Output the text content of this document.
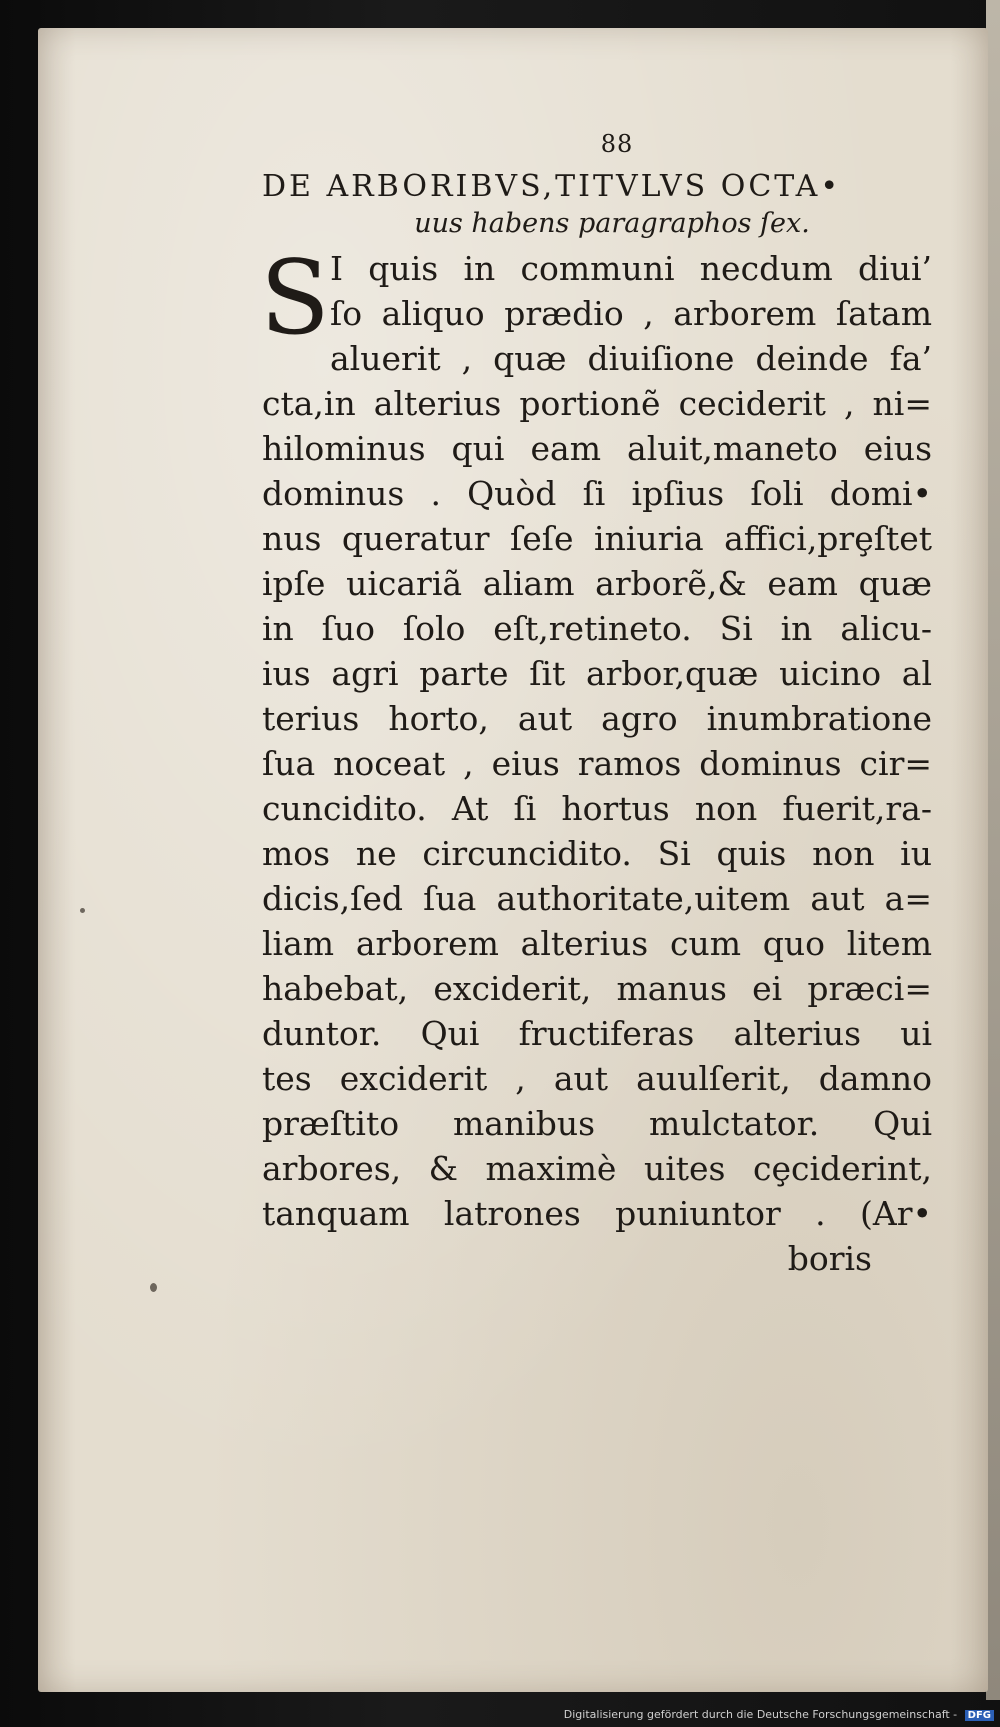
88
DE ARBORIBVS,TITVLVS OCTA•
uus habens paragraphos ſex.
S I quis in communi necdum diui’
ſo aliquo prædio , arborem ſatam
aluerit , quæ diuiſione deinde fa’
cta,in alterius portionẽ ceciderit , ni=
hilominus qui eam aluit,maneto eius
dominus . Quòd ſi ipſius ſoli domi•
nus queratur ſeſe iniuria affici,prȩſtet
ipſe uicariã aliam arborẽ,& eam quæ
in ſuo ſolo eſt,retineto. Si in alicu-
ius agri parte ſit arbor,quæ uicino al
terius horto, aut agro inumbratione
ſua noceat , eius ramos dominus cir=
cuncidito. At ſi hortus non fuerit,ra-
mos ne circuncidito. Si quis non iu
dicis,ſed ſua authoritate,uitem aut a=
liam arborem alterius cum quo litem
habebat, exciderit, manus ei præci=
duntor. Qui fructiferas alterius ui
tes exciderit , aut auulſerit, damno
præſtito manibus mulctator. Qui
arbores, & maximè uites cȩciderint,
tanquam latrones puniuntor . (Ar•
boris
Digitalisierung gefördert durch die Deutsche Forschungsgemeinschaft - DFG
